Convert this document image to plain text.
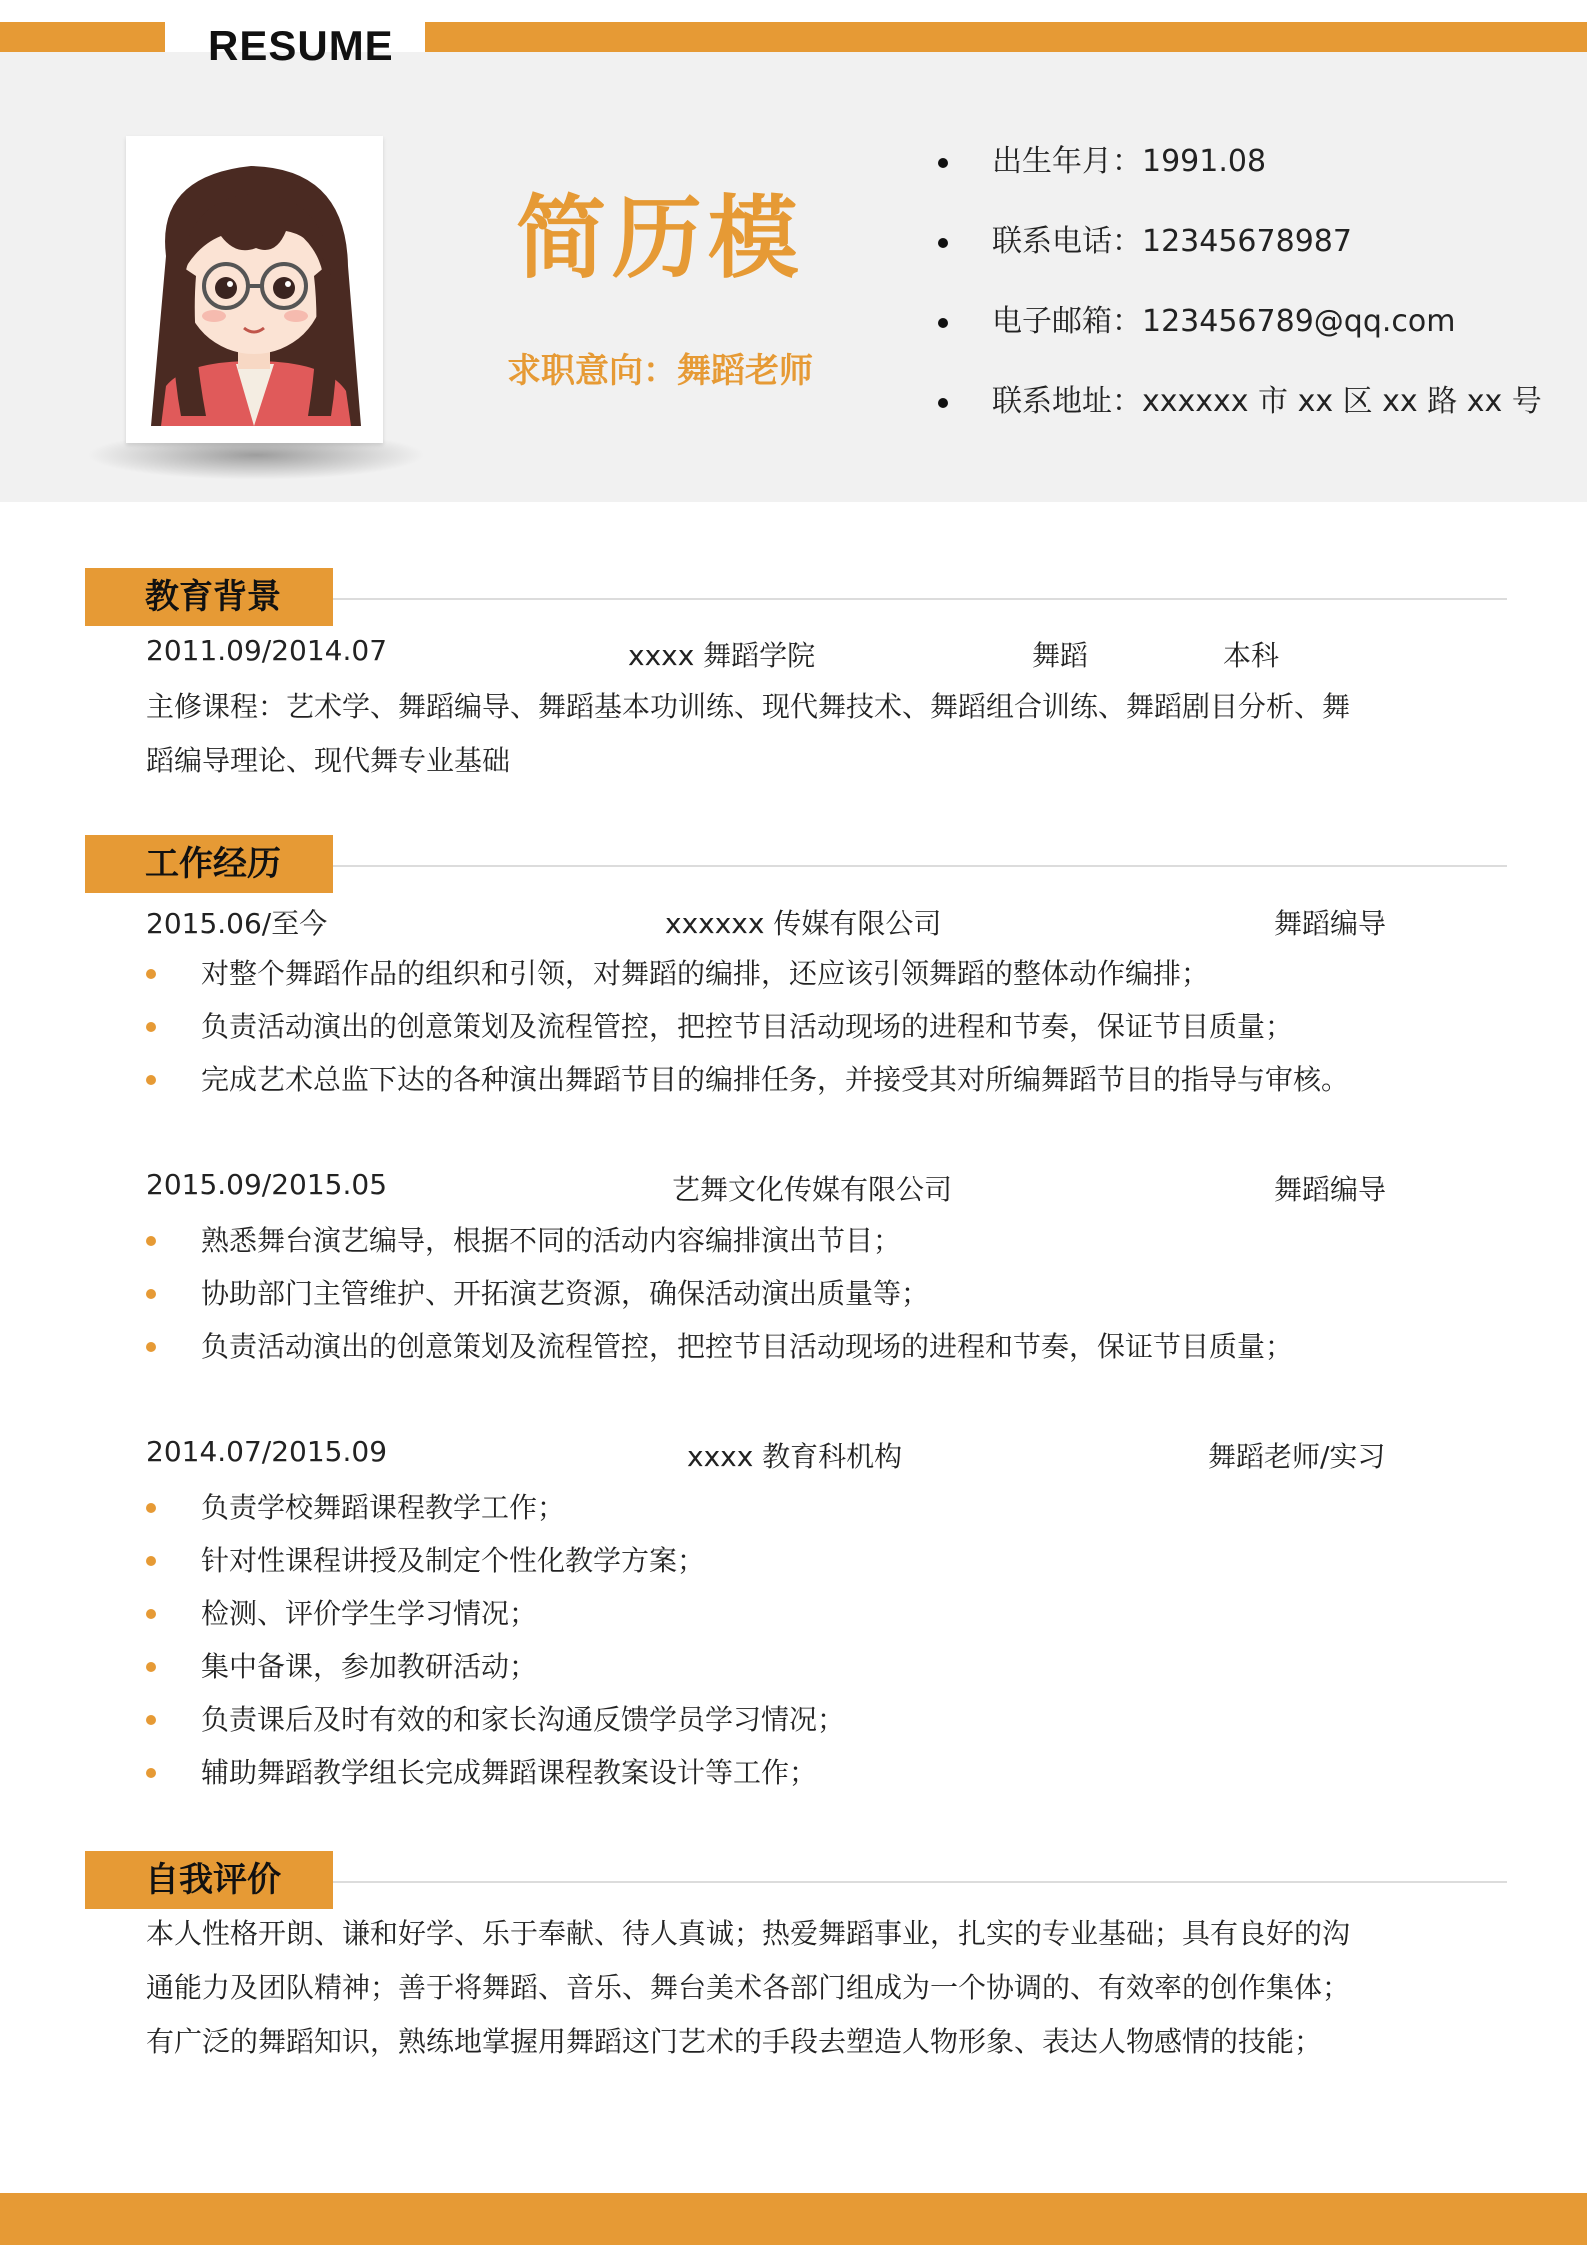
RESUME
简历模
求职意向：舞蹈老师
出生年月：1991.08
联系电话：12345678987
电子邮箱：123456789@qq.com
联系地址：xxxxxx 市 xx 区 xx 路 xx 号
教育背景
2011.09/2014.07	xxxx 舞蹈学院	舞蹈	本科
主修课程：艺术学、舞蹈编导、舞蹈基本功训练、现代舞技术、舞蹈组合训练、舞蹈剧目分析、舞
蹈编导理论、现代舞专业基础
工作经历
2015.06/至今	xxxxxx 传媒有限公司	舞蹈编导
对整个舞蹈作品的组织和引领，对舞蹈的编排，还应该引领舞蹈的整体动作编排；
负责活动演出的创意策划及流程管控，把控节目活动现场的进程和节奏，保证节目质量；
完成艺术总监下达的各种演出舞蹈节目的编排任务，并接受其对所编舞蹈节目的指导与审核。
2015.09/2015.05	艺舞文化传媒有限公司	舞蹈编导
熟悉舞台演艺编导，根据不同的活动内容编排演出节目；
协助部门主管维护、开拓演艺资源，确保活动演出质量等；
负责活动演出的创意策划及流程管控，把控节目活动现场的进程和节奏，保证节目质量；
2014.07/2015.09	xxxx 教育科机构	舞蹈老师/实习
负责学校舞蹈课程教学工作；
针对性课程讲授及制定个性化教学方案；
检测、评价学生学习情况；
集中备课，参加教研活动；
负责课后及时有效的和家长沟通反馈学员学习情况；
辅助舞蹈教学组长完成舞蹈课程教案设计等工作；
自我评价
本人性格开朗、谦和好学、乐于奉献、待人真诚；热爱舞蹈事业，扎实的专业基础；具有良好的沟
通能力及团队精神；善于将舞蹈、音乐、舞台美术各部门组成为一个协调的、有效率的创作集体；
有广泛的舞蹈知识，熟练地掌握用舞蹈这门艺术的手段去塑造人物形象、表达人物感情的技能；
